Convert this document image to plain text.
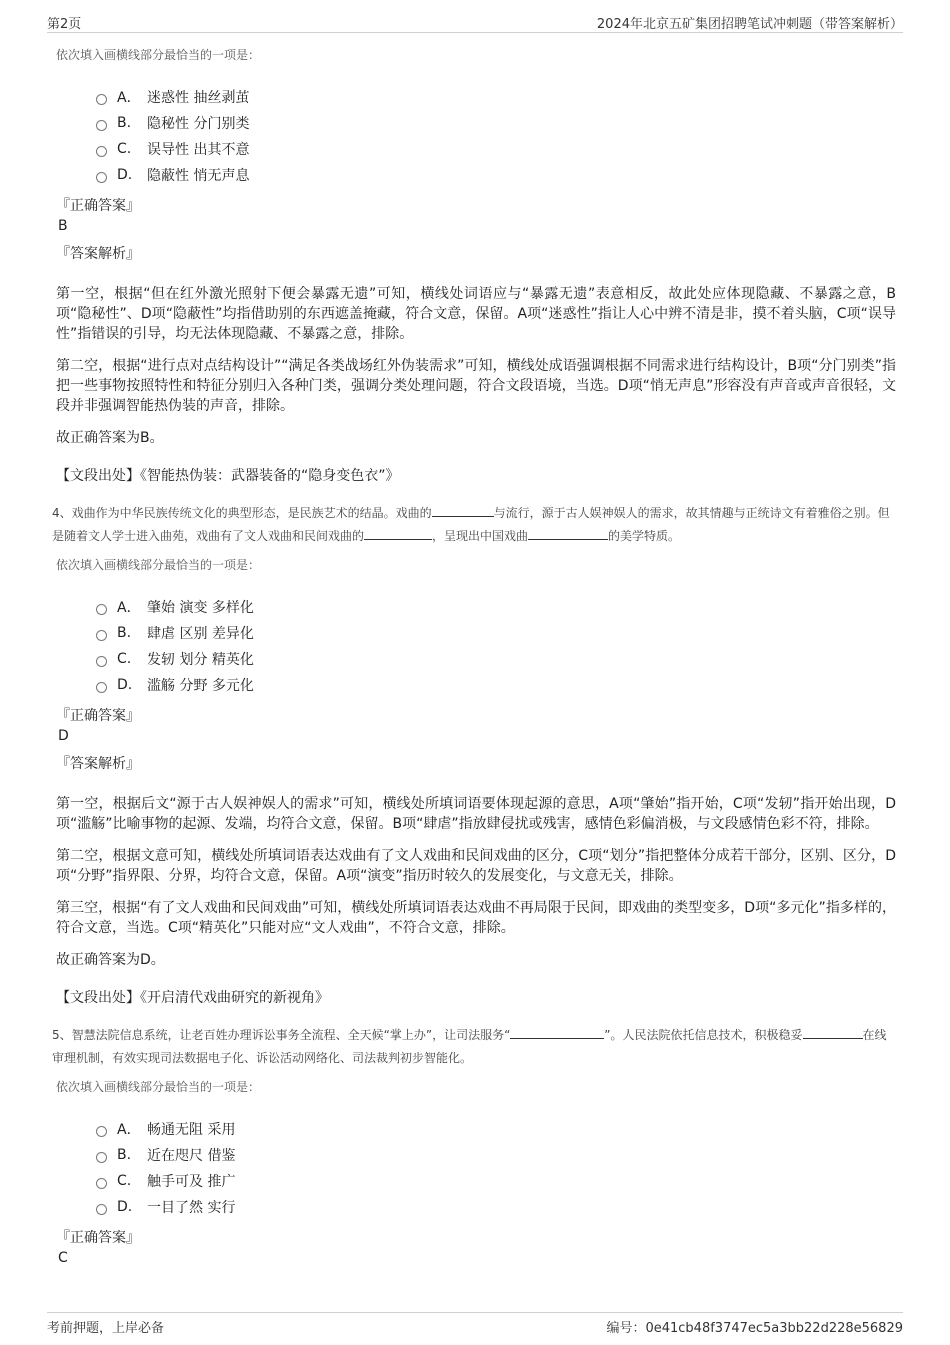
第2页	2024年北京五矿集团招聘笔试冲刺题（带答案解析）
依次填入画横线部分最恰当的一项是：
A． 迷惑性 抽丝剥茧
B.	隐秘性 分门别类
C.	误导性 出其不意
D.	隐蔽性 悄无声息
『正确答案』
B
『答案解析』

第一空，根据“但在红外激光照射下便会暴露无遗”可知，横线处词语应与“暴露无遗”表意相反，故此处应体现隐藏、不暴露之意，B项“隐秘性”、D项“隐蔽性”均指借助别的东西遮盖掩藏，符合文意，保留。A项“迷惑性”指让人心中辨不清是非，摸不着头脑，C项“误导性”指错误的引导，均无法体现隐藏、不暴露之意，排除。

第二空，根据“进行点对点结构设计”“满足各类战场红外伪装需求”可知，横线处成语强调根据不同需求进行结构设计，B项“分门别类”指把一些事物按照特性和特征分别归入各种门类，强调分类处理问题，符合文段语境，当选。D项“悄无声息”形容没有声音或声音很轻，文段并非强调智能热伪装的声音，排除。

故正确答案为B。

【文段出处】《智能热伪装：武器装备的“隐身变色衣”》

4、戏曲作为中华民族传统文化的典型形态，是民族艺术的结晶。戏曲的	与流行，源于古人娱神娱人的需求，故其情趣与正统诗文有着雅俗之别。但是随着文人学士进入曲苑，戏曲有了文人戏曲和民间戏曲的	，呈现出中国戏曲	的美学特质。
依次填入画横线部分最恰当的一项是：
A． 肇始 演变 多样化
B.	肆虐 区别 差异化
C.	发轫 划分 精英化
D.	滥觞 分野 多元化
『正确答案』
D
『答案解析』

第一空，根据后文“源于古人娱神娱人的需求”可知，横线处所填词语要体现起源的意思，A项“肇始”指开始，C项“发轫”指开始出现，D项“滥觞”比喻事物的起源、发端，均符合文意，保留。B项“肆虐”指放肆侵扰或残害，感情色彩偏消极，与文段感情色彩不符，排除。

第二空，根据文意可知，横线处所填词语表达戏曲有了文人戏曲和民间戏曲的区分，C项“划分”指把整体分成若干部分，区别、区分，D项“分野”指界限、分界，均符合文意，保留。A项“演变”指历时较久的发展变化，与文意无关，排除。

第三空，根据“有了文人戏曲和民间戏曲”可知，横线处所填词语表达戏曲不再局限于民间，即戏曲的类型变多，D项“多元化”指多样的，符合文意，当选。C项“精英化”只能对应“文人戏曲”，不符合文意，排除。

故正确答案为D。

【文段出处】《开启清代戏曲研究的新视角》

5、智慧法院信息系统，让老百姓办理诉讼事务全流程、全天候“掌上办”，让司法服务“	”。人民法院依托信息技术，积极稳妥	在线审理机制，有效实现司法数据电子化、诉讼活动网络化、司法裁判初步智能化。
依次填入画横线部分最恰当的一项是：
A． 畅通无阻 采用
B.	近在咫尺 借鉴
C.	触手可及 推广
D.	一目了然 实行
『正确答案』
C
考前押题，上岸必备	编号：0e41cb48f3747ec5a3bb22d228e56829
